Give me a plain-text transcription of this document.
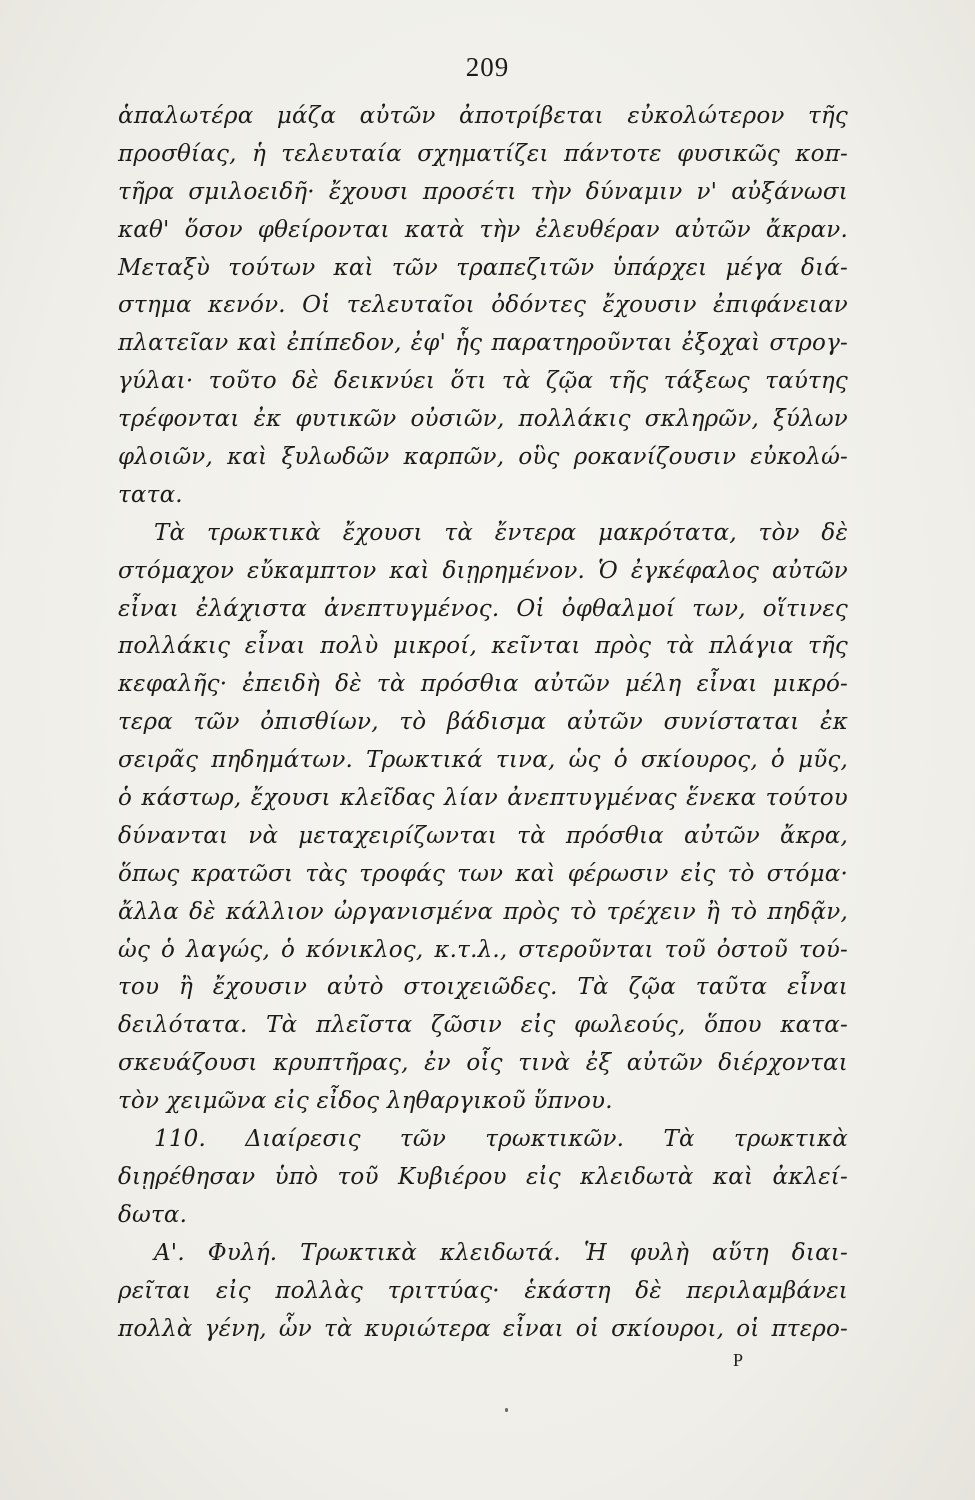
209
ἁπαλωτέρα μάζα αὐτῶν ἀποτρίβεται εὐκολώτερον τῆς
προσθίας, ἡ τελευταία σχηματίζει πάντοτε φυσικῶς κοπ-
τῆρα σμιλοειδῆ· ἔχουσι προσέτι τὴν δύναμιν ν' αὐξάνωσι
καθ' ὅσον φθείρονται κατὰ τὴν ἐλευθέραν αὐτῶν ἄκραν.
Μεταξὺ τούτων καὶ τῶν τραπεζιτῶν ὑπάρχει μέγα διά-
στημα κενόν. Οἱ τελευταῖοι ὀδόντες ἔχουσιν ἐπιφάνειαν
πλατεῖαν καὶ ἐπίπεδον, ἐφ' ἧς παρατηροῦνται ἐξοχαὶ στρογ-
γύλαι· τοῦτο δὲ δεικνύει ὅτι τὰ ζῷα τῆς τάξεως ταύτης
τρέφονται ἐκ φυτικῶν οὐσιῶν, πολλάκις σκληρῶν, ξύλων
φλοιῶν, καὶ ξυλωδῶν καρπῶν, οὓς ροκανίζουσιν εὐκολώ-
τατα.
Τὰ τρωκτικὰ ἔχουσι τὰ ἔντερα μακρότατα, τὸν δὲ
στόμαχον εὔκαμπτον καὶ διῃρημένον. Ὁ ἐγκέφαλος αὐτῶν
εἶναι ἐλάχιστα ἀνεπτυγμένος. Οἱ ὀφθαλμοί των, οἵτινες
πολλάκις εἶναι πολὺ μικροί, κεῖνται πρὸς τὰ πλάγια τῆς
κεφαλῆς· ἐπειδὴ δὲ τὰ πρόσθια αὐτῶν μέλη εἶναι μικρό-
τερα τῶν ὀπισθίων, τὸ βάδισμα αὐτῶν συνίσταται ἐκ
σειρᾶς πηδημάτων. Τρωκτικά τινα, ὡς ὁ σκίουρος, ὁ μῦς,
ὁ κάστωρ, ἔχουσι κλεῖδας λίαν ἀνεπτυγμένας ἕνεκα τούτου
δύνανται νὰ μεταχειρίζωνται τὰ πρόσθια αὐτῶν ἄκρα,
ὅπως κρατῶσι τὰς τροφάς των καὶ φέρωσιν εἰς τὸ στόμα·
ἄλλα δὲ κάλλιον ὠργανισμένα πρὸς τὸ τρέχειν ἢ τὸ πηδᾷν,
ὡς ὁ λαγώς, ὁ κόνικλος, κ.τ.λ., στεροῦνται τοῦ ὀστοῦ τού-
του ἢ ἔχουσιν αὐτὸ στοιχειῶδες. Τὰ ζῷα ταῦτα εἶναι
δειλότατα. Τὰ πλεῖστα ζῶσιν εἰς φωλεούς, ὅπου κατα-
σκευάζουσι κρυπτῆρας, ἐν οἷς τινὰ ἐξ αὐτῶν διέρχονται
τὸν χειμῶνα εἰς εἶδος ληθαργικοῦ ὕπνου.
110. Διαίρεσις τῶν τρωκτικῶν. Τὰ τρωκτικὰ
διῃρέθησαν ὑπὸ τοῦ Κυβιέρου εἰς κλειδωτὰ καὶ ἀκλεί-
δωτα.
Α'. Φυλή. Τρωκτικὰ κλειδωτά. Ἡ φυλὴ αὕτη διαι-
ρεῖται εἰς πολλὰς τριττύας· ἑκάστη δὲ περιλαμβάνει
πολλὰ γένη, ὧν τὰ κυριώτερα εἶναι οἱ σκίουροι, οἱ πτερο-
P
